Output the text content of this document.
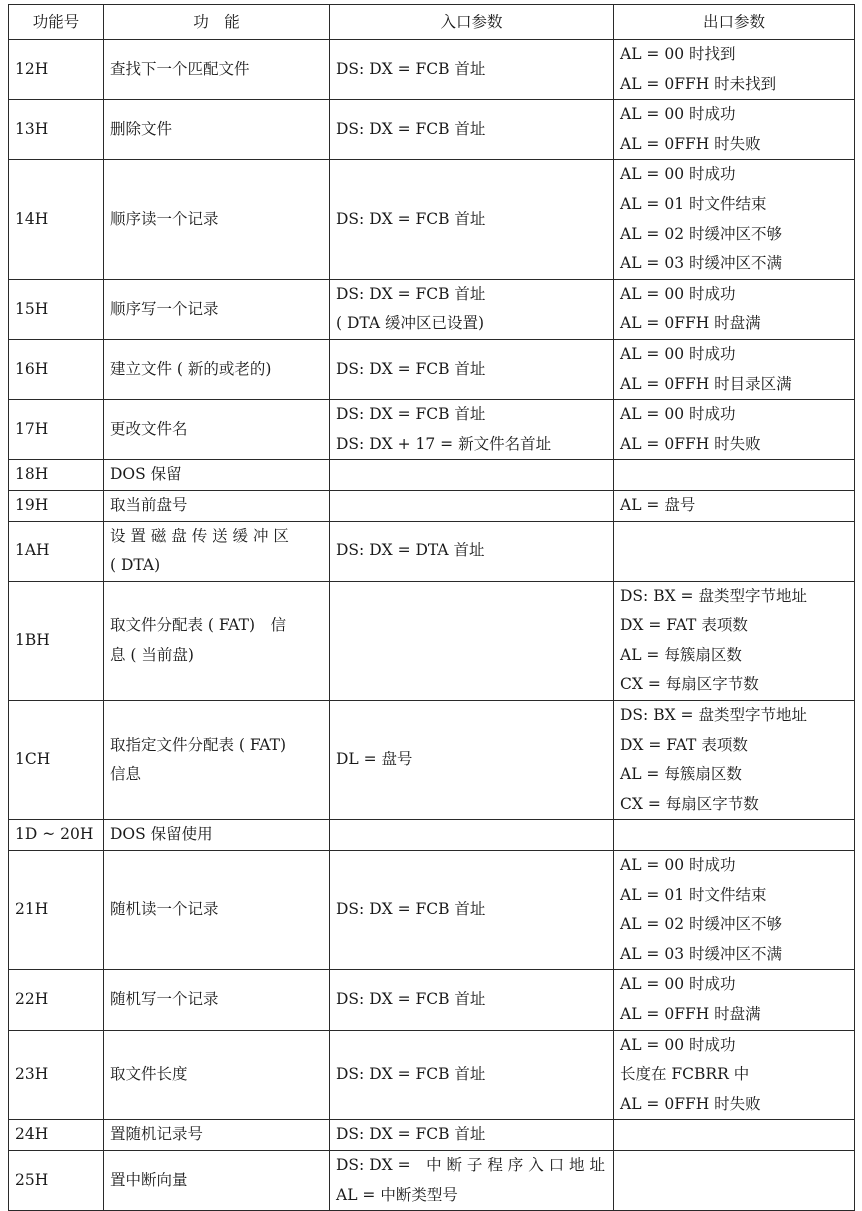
功能号	功　能	入口参数	出口参数
12H	查找下一个匹配文件	DS: DX = FCB 首址	AL = 00 时找到
AL = 0FFH 时未找到

13H	删除文件	DS: DX = FCB 首址	AL = 00 时成功
AL = 0FFH 时失败

14H	顺序读一个记录	DS: DX = FCB 首址	AL = 00 时成功
AL = 01 时文件结束
AL = 02 时缓冲区不够
AL = 03 时缓冲区不满

15H	顺序写一个记录	DS: DX = FCB 首址
( DTA 缓冲区已设置)	AL = 00 时成功
AL = 0FFH 时盘满

16H	建立文件 ( 新的或老的)	DS: DX = FCB 首址	AL = 00 时成功
AL = 0FFH 时目录区满

17H	更改文件名	DS: DX = FCB 首址
DS: DX + 17 = 新文件名首址	AL = 00 时成功
AL = 0FFH 时失败

18H	DOS 保留		

19H	取当前盘号		AL = 盘号

1AH	设 置 磁 盘 传 送 缓 冲 区
( DTA)	DS: DX = DTA 首址	

1BH	取文件分配表 ( FAT)　信
息 ( 当前盘)		DS: BX = 盘类型字节地址
DX = FAT 表项数
AL = 每簇扇区数
CX = 每扇区字节数

1CH	取指定文件分配表 ( FAT)
信息	DL = 盘号	DS: BX = 盘类型字节地址
DX = FAT 表项数
AL = 每簇扇区数
CX = 每扇区字节数

1D ~ 20H	DOS 保留使用		

21H	随机读一个记录	DS: DX = FCB 首址	AL = 00 时成功
AL = 01 时文件结束
AL = 02 时缓冲区不够
AL = 03 时缓冲区不满

22H	随机写一个记录	DS: DX = FCB 首址	AL = 00 时成功
AL = 0FFH 时盘满

23H	取文件长度	DS: DX = FCB 首址	AL = 00 时成功
长度在 FCBRR 中
AL = 0FFH 时失败

24H	置随机记录号	DS: DX = FCB 首址	

25H	置中断向量	DS: DX =　中 断 子 程 序 入 口 地 址
AL = 中断类型号	
